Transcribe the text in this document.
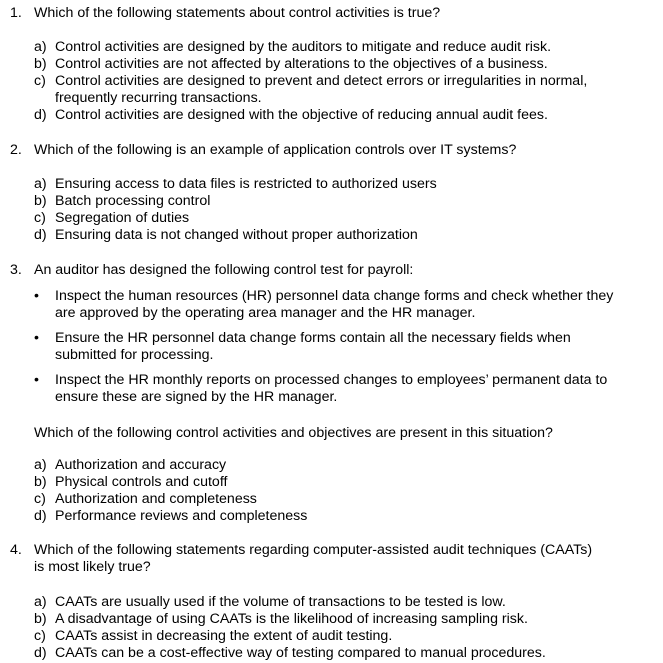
1. Which of the following statements about control activities is true?
a) Control activities are designed by the auditors to mitigate and reduce audit risk.
b) Control activities are not affected by alterations to the objectives of a business.
c) Control activities are designed to prevent and detect errors or irregularities in normal, frequently recurring transactions.
d) Control activities are designed with the objective of reducing annual audit fees.
2. Which of the following is an example of application controls over IT systems?
a) Ensuring access to data files is restricted to authorized users
b) Batch processing control
c) Segregation of duties
d) Ensuring data is not changed without proper authorization
3. An auditor has designed the following control test for payroll:
• Inspect the human resources (HR) personnel data change forms and check whether they are approved by the operating area manager and the HR manager.
• Ensure the HR personnel data change forms contain all the necessary fields when submitted for processing.
• Inspect the HR monthly reports on processed changes to employees’ permanent data to ensure these are signed by the HR manager.
Which of the following control activities and objectives are present in this situation?
a) Authorization and accuracy
b) Physical controls and cutoff
c) Authorization and completeness
d) Performance reviews and completeness
4. Which of the following statements regarding computer-assisted audit techniques (CAATs) is most likely true?
a) CAATs are usually used if the volume of transactions to be tested is low.
b) A disadvantage of using CAATs is the likelihood of increasing sampling risk.
c) CAATs assist in decreasing the extent of audit testing.
d) CAATs can be a cost-effective way of testing compared to manual procedures.
